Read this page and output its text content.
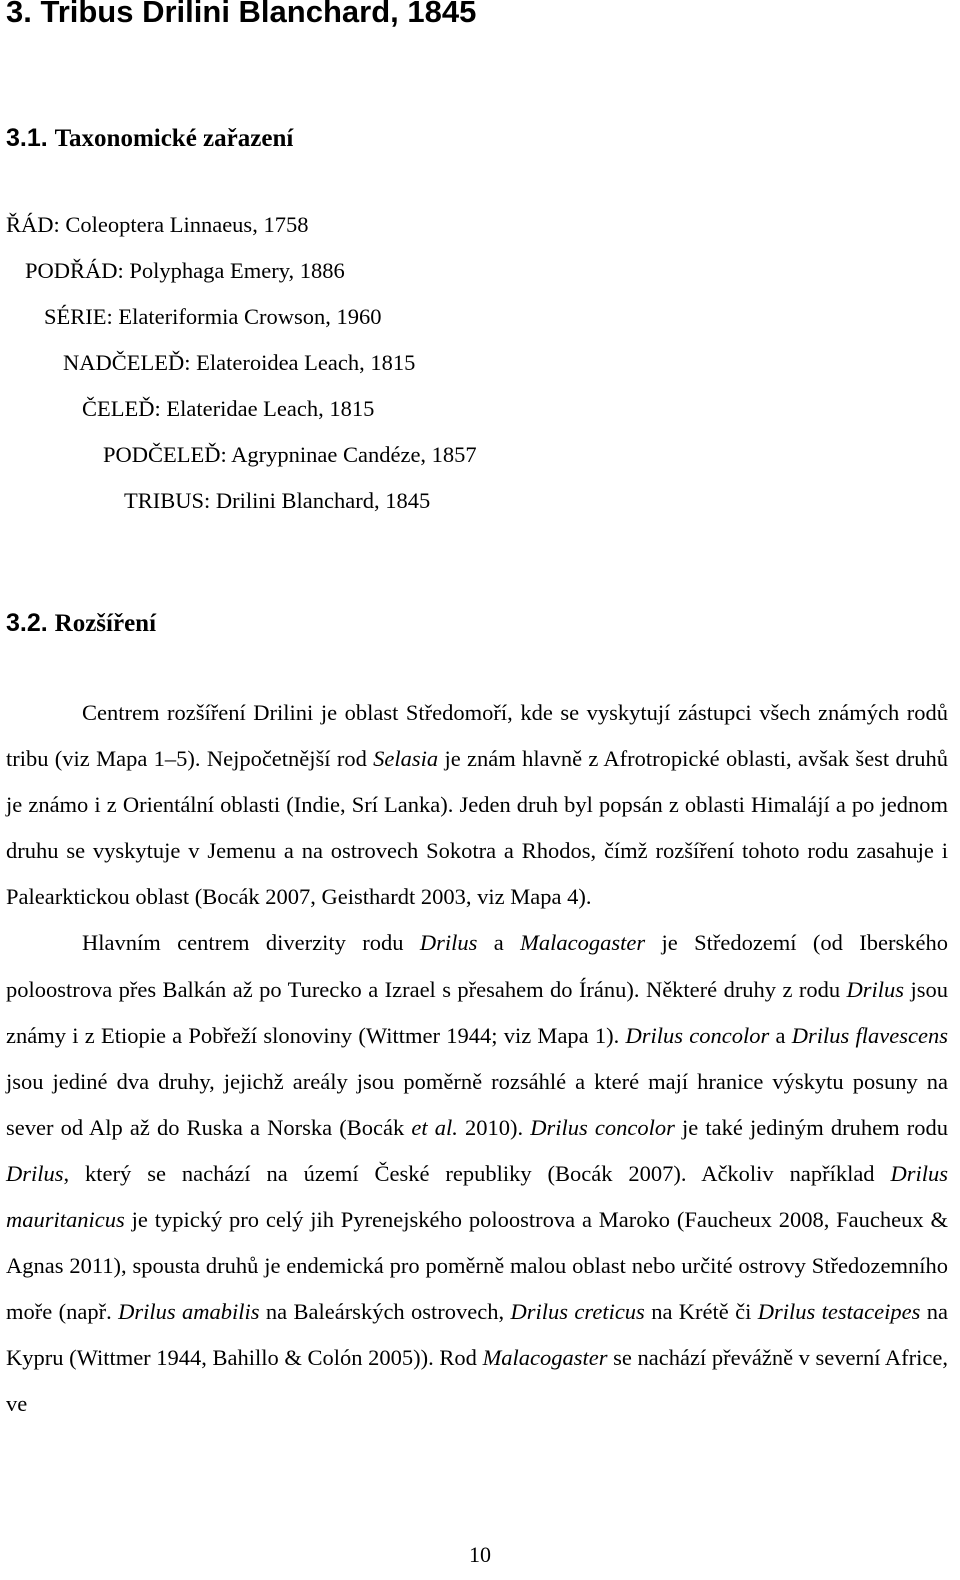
3. Tribus Drilini Blanchard, 1845
3.1. Taxonomické zařazení
ŘÁD: Coleoptera Linnaeus, 1758
PODŘÁD: Polyphaga Emery, 1886
SÉRIE: Elateriformia Crowson, 1960
NADČELEĎ: Elateroidea Leach, 1815
ČELEĎ: Elateridae Leach, 1815
PODČELEĎ: Agrypninae Candéze, 1857
TRIBUS: Drilini Blanchard, 1845
3.2. Rozšíření

Centrem rozšíření Drilini je oblast Středomoří, kde se vyskytují zástupci všech známých rodů tribu (viz Mapa 1–5). Nejpočetnější rod Selasia je znám hlavně z Afrotropické oblasti, avšak šest druhů je známo i z Orientální oblasti (Indie, Srí Lanka). Jeden druh byl popsán z oblasti Himalájí a po jednom druhu se vyskytuje v Jemenu a na ostrovech Sokotra a Rhodos, čímž rozšíření tohoto rodu zasahuje i Palearktickou oblast (Bocák 2007, Geisthardt 2003, viz Mapa 4).

Hlavním centrem diverzity rodu Drilus a Malacogaster je Středozemí (od Iberského poloostrova přes Balkán až po Turecko a Izrael s přesahem do Íránu). Některé druhy z rodu Drilus jsou známy i z Etiopie a Pobřeží slonoviny (Wittmer 1944; viz Mapa 1). Drilus concolor a Drilus flavescens jsou jediné dva druhy, jejichž areály jsou poměrně rozsáhlé a které mají hranice výskytu posuny na sever od Alp až do Ruska a Norska (Bocák et al. 2010). Drilus concolor je také jediným druhem rodu Drilus, který se nachází na území České republiky (Bocák 2007). Ačkoliv například Drilus mauritanicus je typický pro celý jih Pyrenejského poloostrova a Maroko (Faucheux 2008, Faucheux & Agnas 2011), spousta druhů je endemická pro poměrně malou oblast nebo určité ostrovy Středozemního moře (např. Drilus amabilis na Baleárských ostrovech, Drilus creticus na Krétě či Drilus testaceipes na Kypru (Wittmer 1944, Bahillo & Colón 2005)). Rod Malacogaster se nachází převážně v severní Africe, ve

10
